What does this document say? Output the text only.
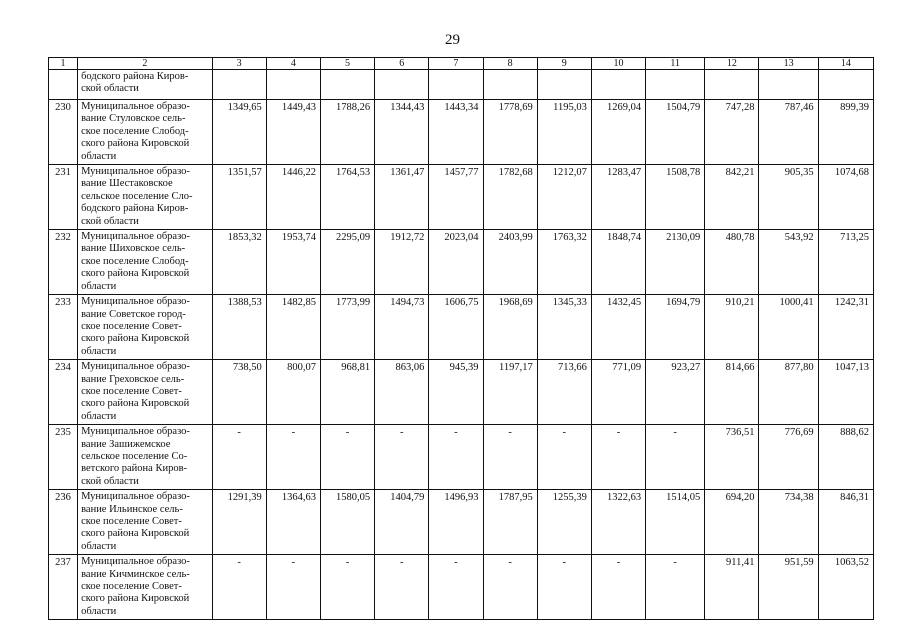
29
1	2	3	4	5	6	7	8	9	10	11	12	13	14

	бодского района Киров-
ской области												

230	Муниципальное образо-
вание Стуловское сель-
ское поселение Слобод-
ского района Кировской
области	1349,65	1449,43	1788,26	1344,43	1443,34	1778,69	1195,03	1269,04	1504,79	747,28	787,46	899,39
231	Муниципальное образо-
вание Шестаковское
сельское поселение Сло-
бодского района Киров-
ской области	1351,57	1446,22	1764,53	1361,47	1457,77	1782,68	1212,07	1283,47	1508,78	842,21	905,35	1074,68
232	Муниципальное образо-
вание Шиховское сель-
ское поселение Слобод-
ского района Кировской
области	1853,32	1953,74	2295,09	1912,72	2023,04	2403,99	1763,32	1848,74	2130,09	480,78	543,92	713,25
233	Муниципальное образо-
вание Советское город-
ское поселение Совет-
ского района Кировской
области	1388,53	1482,85	1773,99	1494,73	1606,75	1968,69	1345,33	1432,45	1694,79	910,21	1000,41	1242,31
234	Муниципальное образо-
вание Греховское сель-
ское поселение Совет-
ского района Кировской
области	738,50	800,07	968,81	863,06	945,39	1197,17	713,66	771,09	923,27	814,66	877,80	1047,13
235	Муниципальное образо-
вание Зашижемское
сельское поселение Со-
ветского района Киров-
ской области	-	-	-	-	-	-	-	-	-	736,51	776,69	888,62
236	Муниципальное образо-
вание Ильинское сель-
ское поселение Совет-
ского района Кировской
области	1291,39	1364,63	1580,05	1404,79	1496,93	1787,95	1255,39	1322,63	1514,05	694,20	734,38	846,31
237	Муниципальное образо-
вание Кичминское сель-
ское поселение Совет-
ского района Кировской
области	-	-	-	-	-	-	-	-	-	911,41	951,59	1063,52
